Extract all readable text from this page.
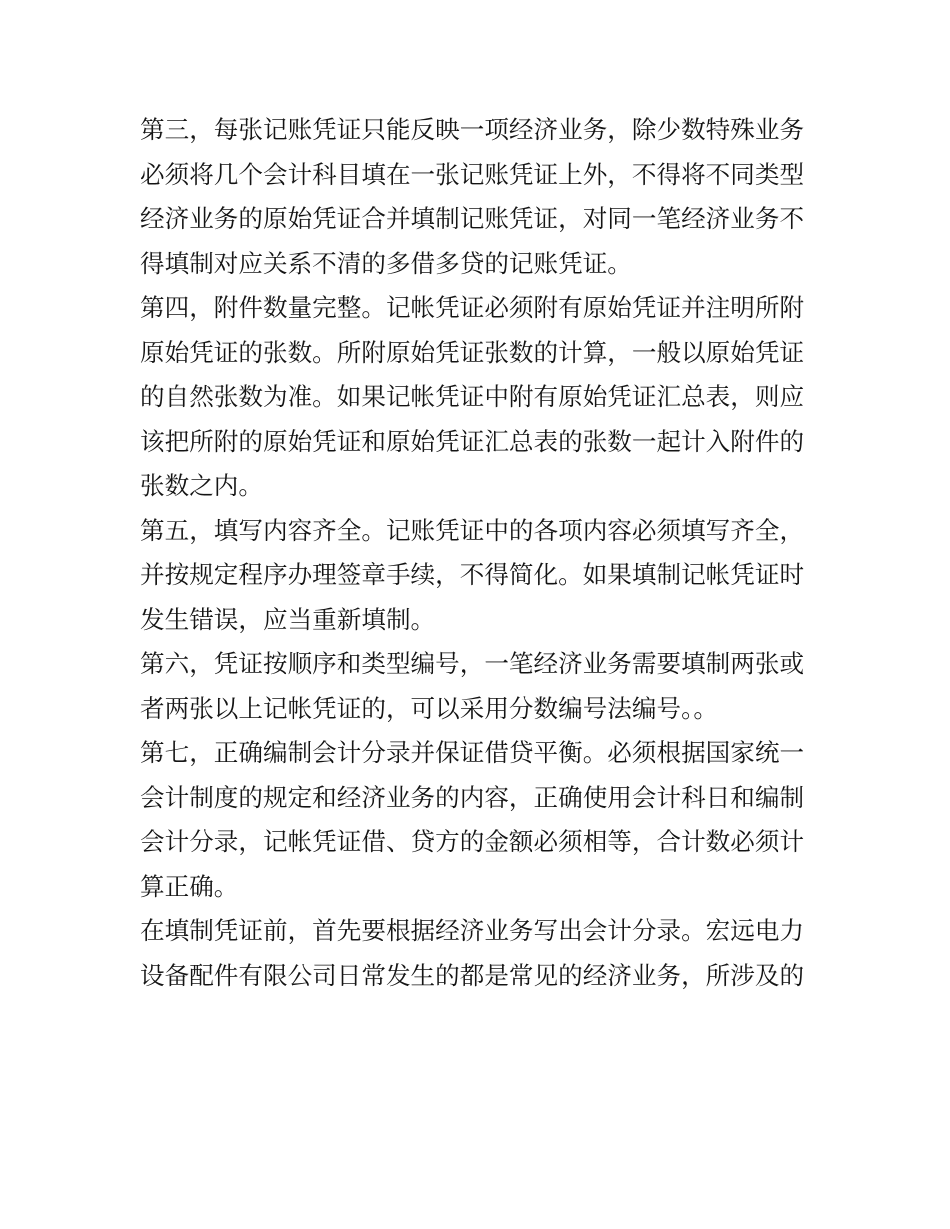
第三，每张记账凭证只能反映一项经济业务，除少数特殊业务
必须将几个会计科目填在一张记账凭证上外，不得将不同类型
经济业务的原始凭证合并填制记账凭证，对同一笔经济业务不
得填制对应关系不清的多借多贷的记账凭证。
第四，附件数量完整。记帐凭证必须附有原始凭证并注明所附
原始凭证的张数。所附原始凭证张数的计算，一般以原始凭证
的自然张数为准。如果记帐凭证中附有原始凭证汇总表，则应
该把所附的原始凭证和原始凭证汇总表的张数一起计入附件的
张数之内。
第五，填写内容齐全。记账凭证中的各项内容必须填写齐全，
并按规定程序办理签章手续，不得简化。如果填制记帐凭证时
发生错误，应当重新填制。
第六，凭证按顺序和类型编号，一笔经济业务需要填制两张或
者两张以上记帐凭证的，可以采用分数编号法编号。。
第七，正确编制会计分录并保证借贷平衡。必须根据国家统一
会计制度的规定和经济业务的内容，正确使用会计科日和编制
会计分录，记帐凭证借、贷方的金额必须相等，合计数必须计
算正确。
在填制凭证前，首先要根据经济业务写出会计分录。宏远电力
设备配件有限公司日常发生的都是常见的经济业务，所涉及的
